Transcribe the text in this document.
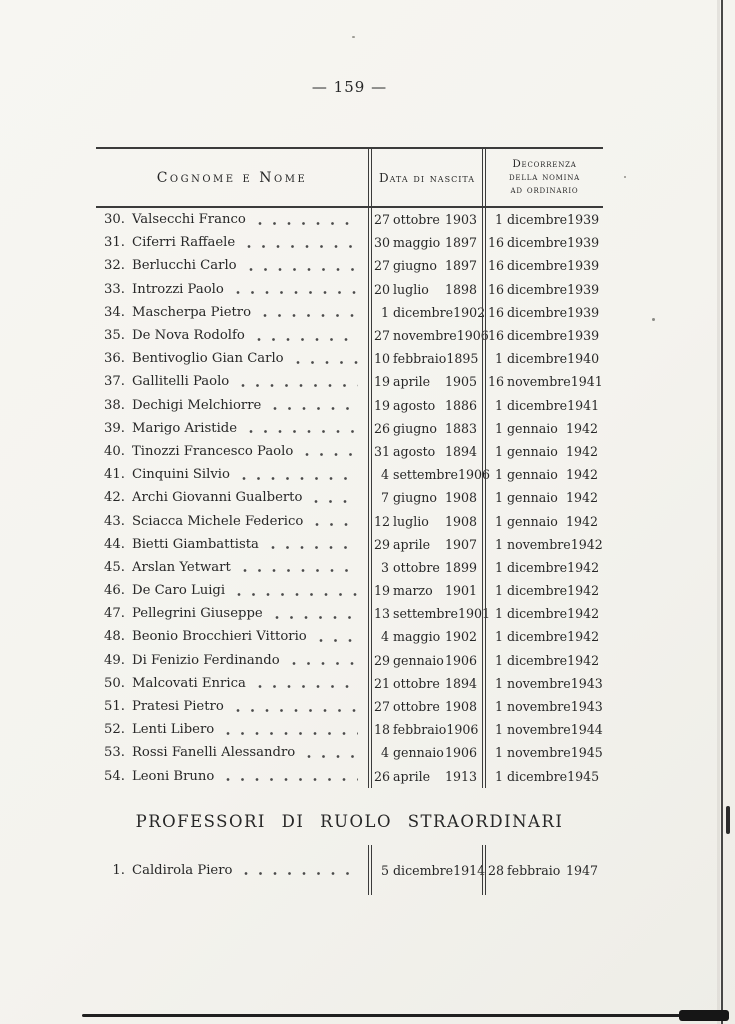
— 159 —
Cognome e Nome	Data di nascita
Decorrenza
della nomina
ad ordinario
30. Valsecchi Franco	27 ottobre 1903	1 dicembre 1939
31. Ciferri Raffaele	30 maggio 1897 16 dicembre 1939
32. Berlucchi Carlo	27 giugno 1897 16 dicembre 1939
33. Introzzi Paolo	20 luglio	1898 16 dicembre 1939
34. Mascherpa Pietro	1 dicembre 1902 16 dicembre 1939
35. De Nova Rodolfo	27 novembre 1906 16 dicembre 1939
36. Bentivoglio Gian Carlo	10 febbraio 1895	1 dicembre 1940
37. Gallitelli Paolo	19 aprile	1905 16 novembre 1941
38. Dechigi Melchiorre	19 agosto 1886	1 dicembre 1941
39. Marigo Aristide	26 giugno 1883	1 gennaio 1942
40. Tinozzi Francesco Paolo	31 agosto 1894	1 gennaio 1942
41. Cinquini Silvio	4 settembre 1906 1 gennaio 1942
42. Archi Giovanni Gualberto	7 giugno 1908	1 gennaio 1942
43. Sciacca Michele Federico	12 luglio	1908	1 gennaio 1942
44. Bietti Giambattista	29 aprile	1907	1 novembre 1942
45. Arslan Yetwart	3 ottobre 1899	1 dicembre 1942
46. De Caro Luigi	19 marzo 1901	1 dicembre 1942
47. Pellegrini Giuseppe	13 settembre 1901 1 dicembre 1942
48. Beonio Brocchieri Vittorio	4 maggio 1902	1 dicembre 1942
49. Di Fenizio Ferdinando	29 gennaio 1906	1 dicembre 1942
50. Malcovati Enrica	21 ottobre 1894	1 novembre 1943
51. Pratesi Pietro	27 ottobre 1908	1 novembre 1943
52. Lenti Libero	18 febbraio 1906	1 novembre 1944
53. Rossi Fanelli Alessandro	4 gennaio 1906	1 novembre 1945
54. Leoni Bruno	26 aprile	1913	1 dicembre 1945
PROFESSORI DI RUOLO STRAORDINARI
1. Caldirola Piero	5 dicembre 1914 28 febbraio 1947
